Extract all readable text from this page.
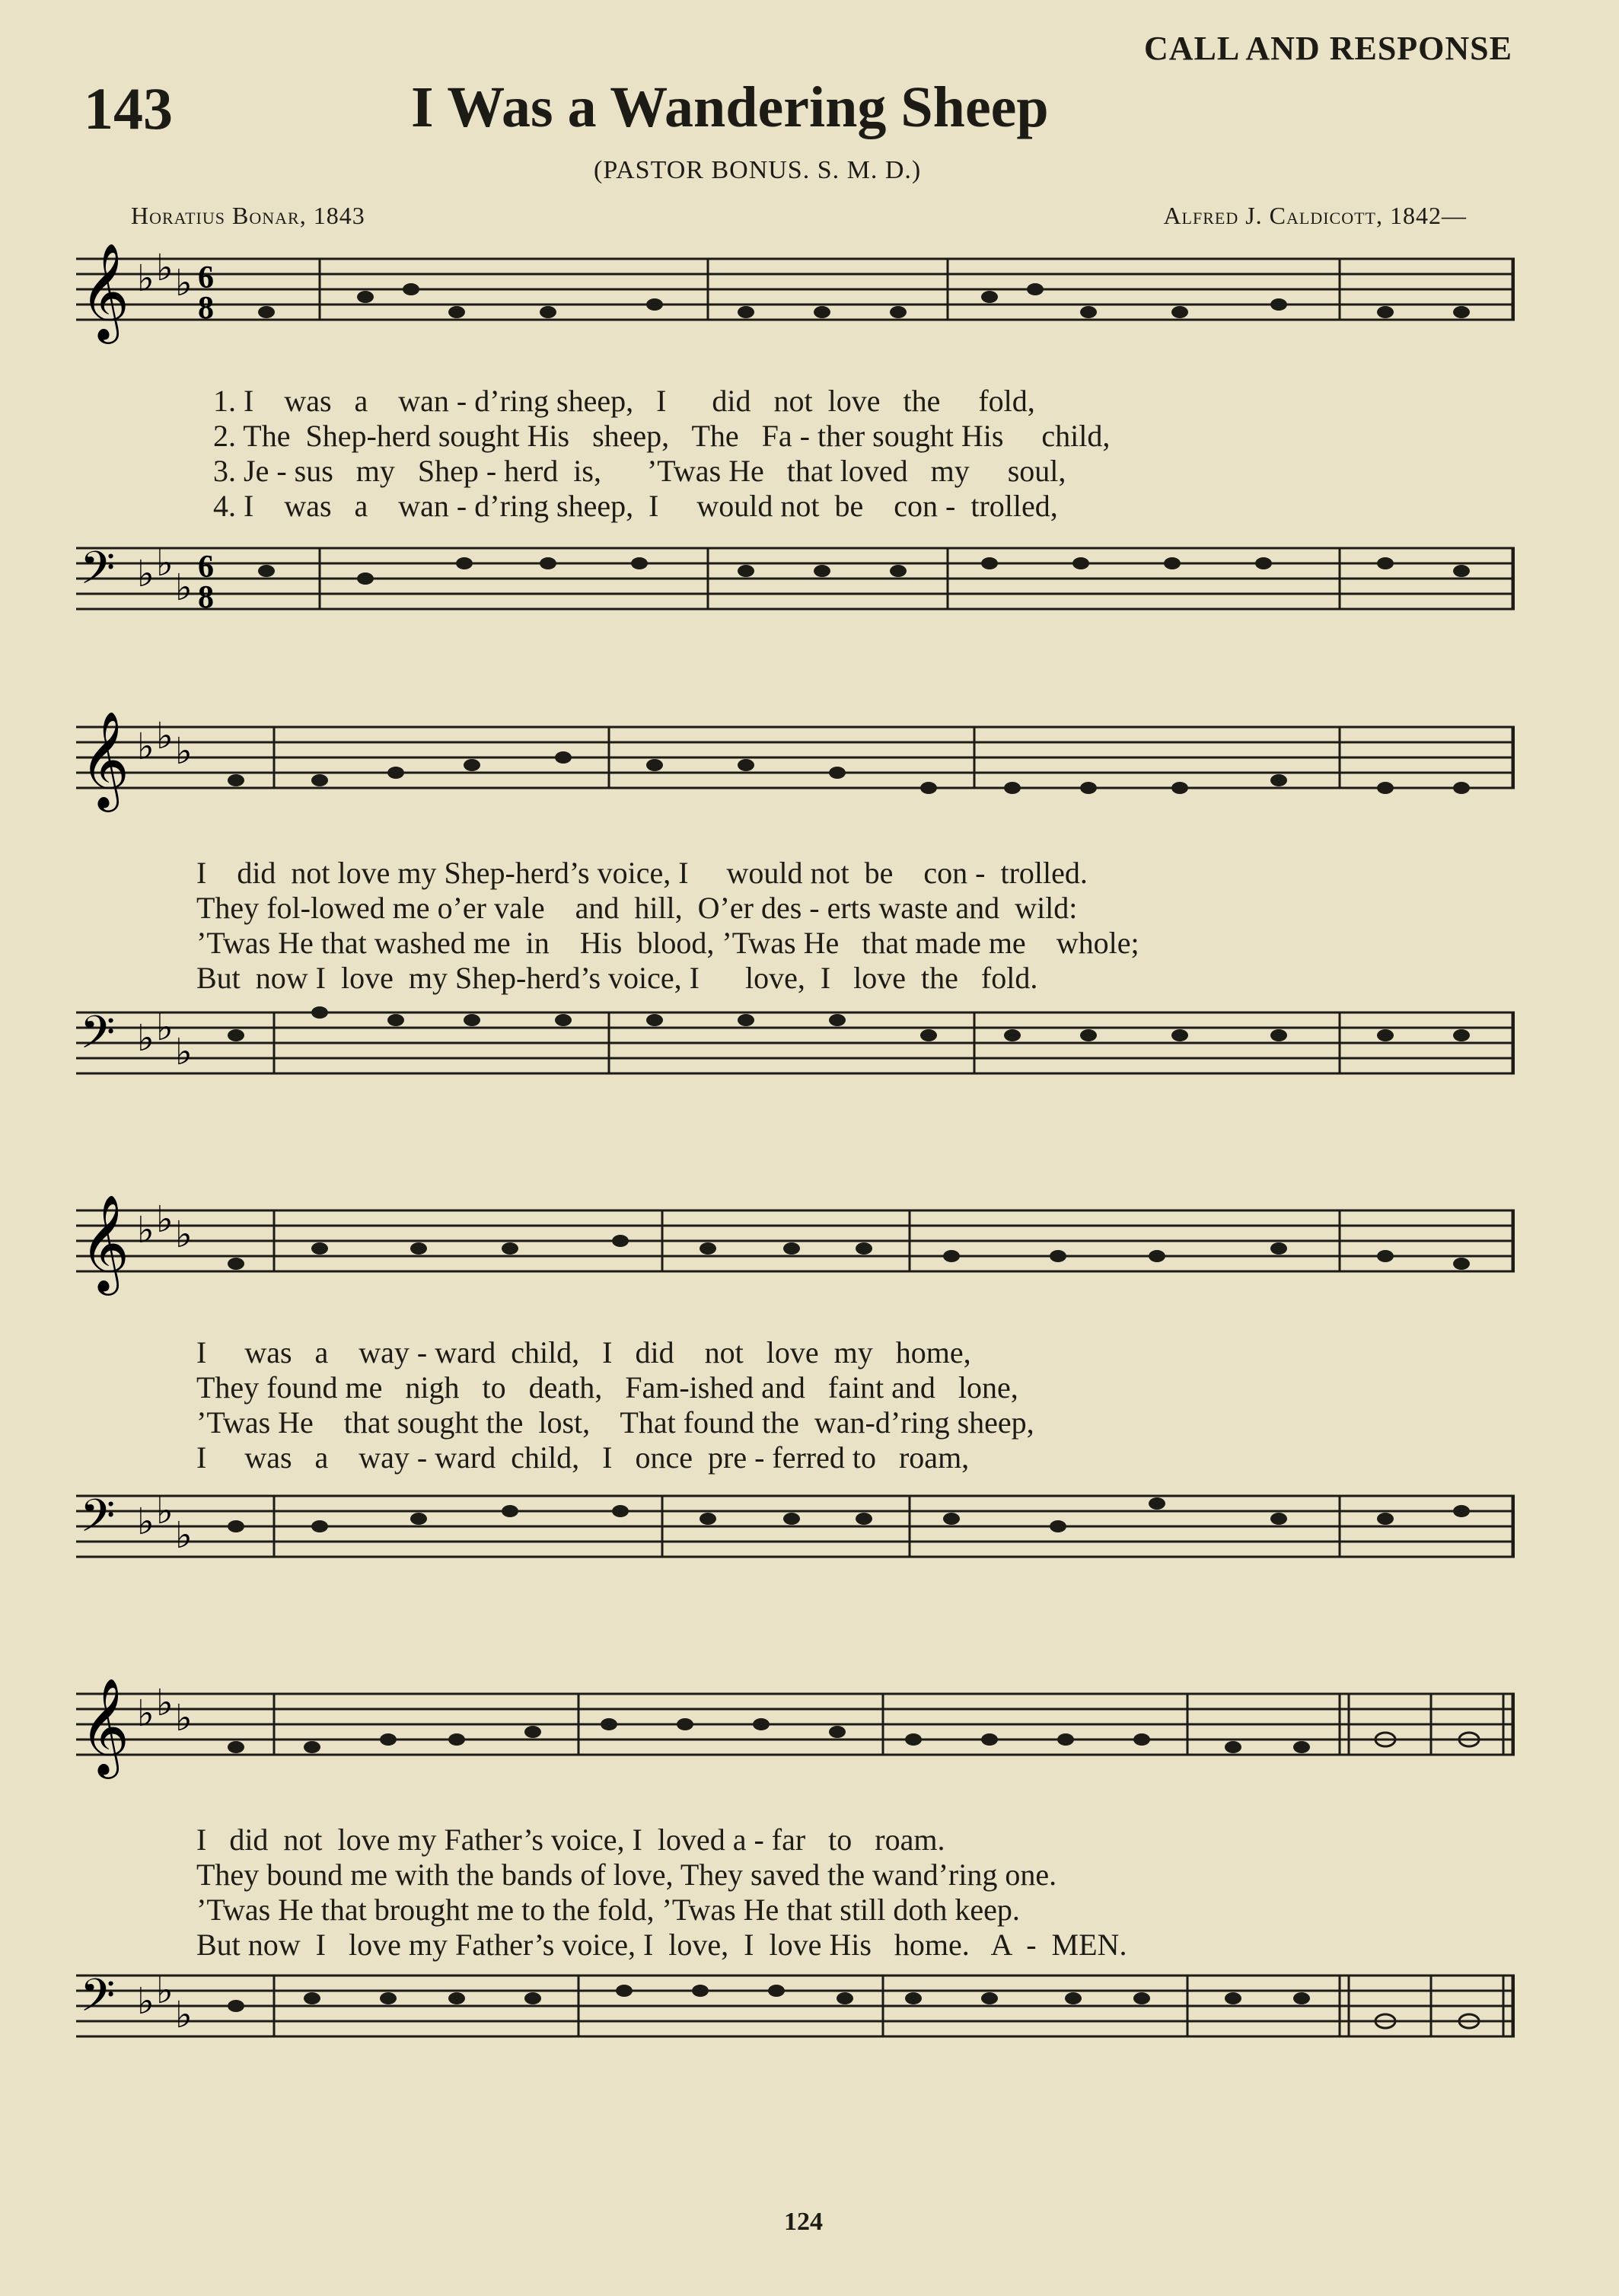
CALL AND RESPONSE
143	I Was a Wandering Sheep
(PASTOR BONUS. S. M. D.)
Horatius Bonar, 1843	Alfred J. Caldicott, 1842—
𝄞 ♭ ♭ ♭ 6
8
1. I    was   a    wan - d’ring sheep,   I      did   not  love   the     fold,
2. The  Shep-herd sought His   sheep,   The   Fa - ther sought His     child,
3. Je - sus   my   Shep - herd  is,      ’Twas He   that loved   my     soul,
4. I    was   a    wan - d’ring sheep,  I     would not  be    con -  trolled,
𝄢 ♭ ♭
♭
6
8
𝄞 ♭ ♭ ♭
I    did  not love my Shep-herd’s voice, I     would not  be    con -  trolled.
They fol-lowed me o’er vale    and  hill,  O’er des - erts waste and  wild:
’Twas He that washed me  in    His  blood, ’Twas He   that made me    whole;
But  now I  love  my Shep-herd’s voice, I      love,  I   love  the   fold.
𝄢 ♭ ♭
♭
𝄞 ♭ ♭ ♭
I     was   a    way - ward  child,   I   did    not   love  my   home,
They found me   nigh   to   death,   Fam-ished and   faint and   lone,
’Twas He    that sought the  lost,    That found the  wan-d’ring sheep,
I     was   a    way - ward  child,   I   once  pre - ferred to   roam,
𝄢 ♭ ♭
♭
𝄞 ♭ ♭ ♭
I   did  not  love my Father’s voice, I  loved a - far   to   roam.
They bound me with the bands of love, They saved the wand’ring one.
’Twas He that brought me to the fold, ’Twas He that still doth keep.
But now  I   love my Father’s voice, I  love,  I  love His   home.   A  -  MEN.
𝄢 ♭ ♭
♭
124
